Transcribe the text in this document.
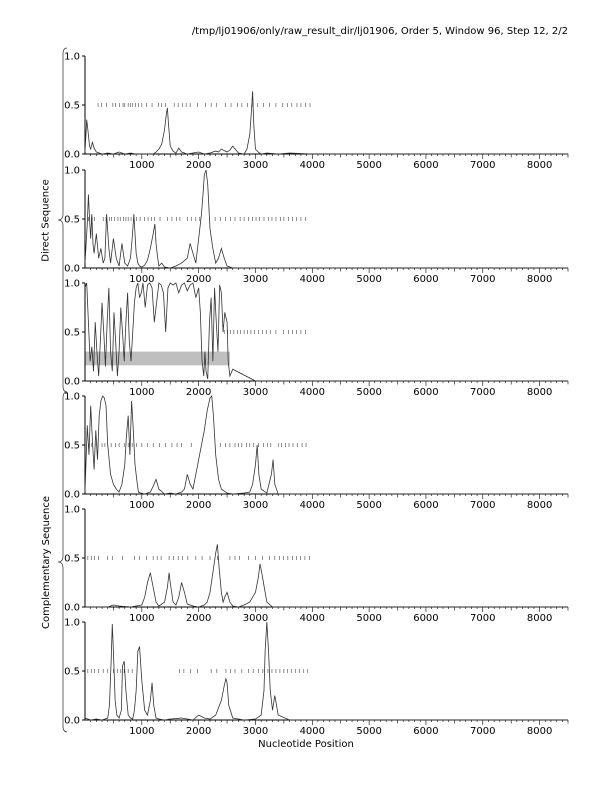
/tmp/lj01906/only/raw_result_dir/lj01906, Order 5, Window 96, Step 12, 2/2
0.0
0.5
1.0
1000	2000	3000	4000	5000	6000	7000	8000
0.0
0.5
1.0
1000	2000	3000	4000	5000	6000	7000	8000
0.0
0.5
1.0
1000	2000	3000	4000	5000	6000	7000	8000
0.0
0.5
1.0
1000	2000	3000	4000	5000	6000	7000	8000
0.0
0.5
1.0
1000	2000	3000	4000	5000	6000	7000	8000
0.0
0.5
1.0
1000	2000	3000	4000	5000	6000	7000	8000
Direct Sequence
Complementary Sequence
Nucleotide Position
